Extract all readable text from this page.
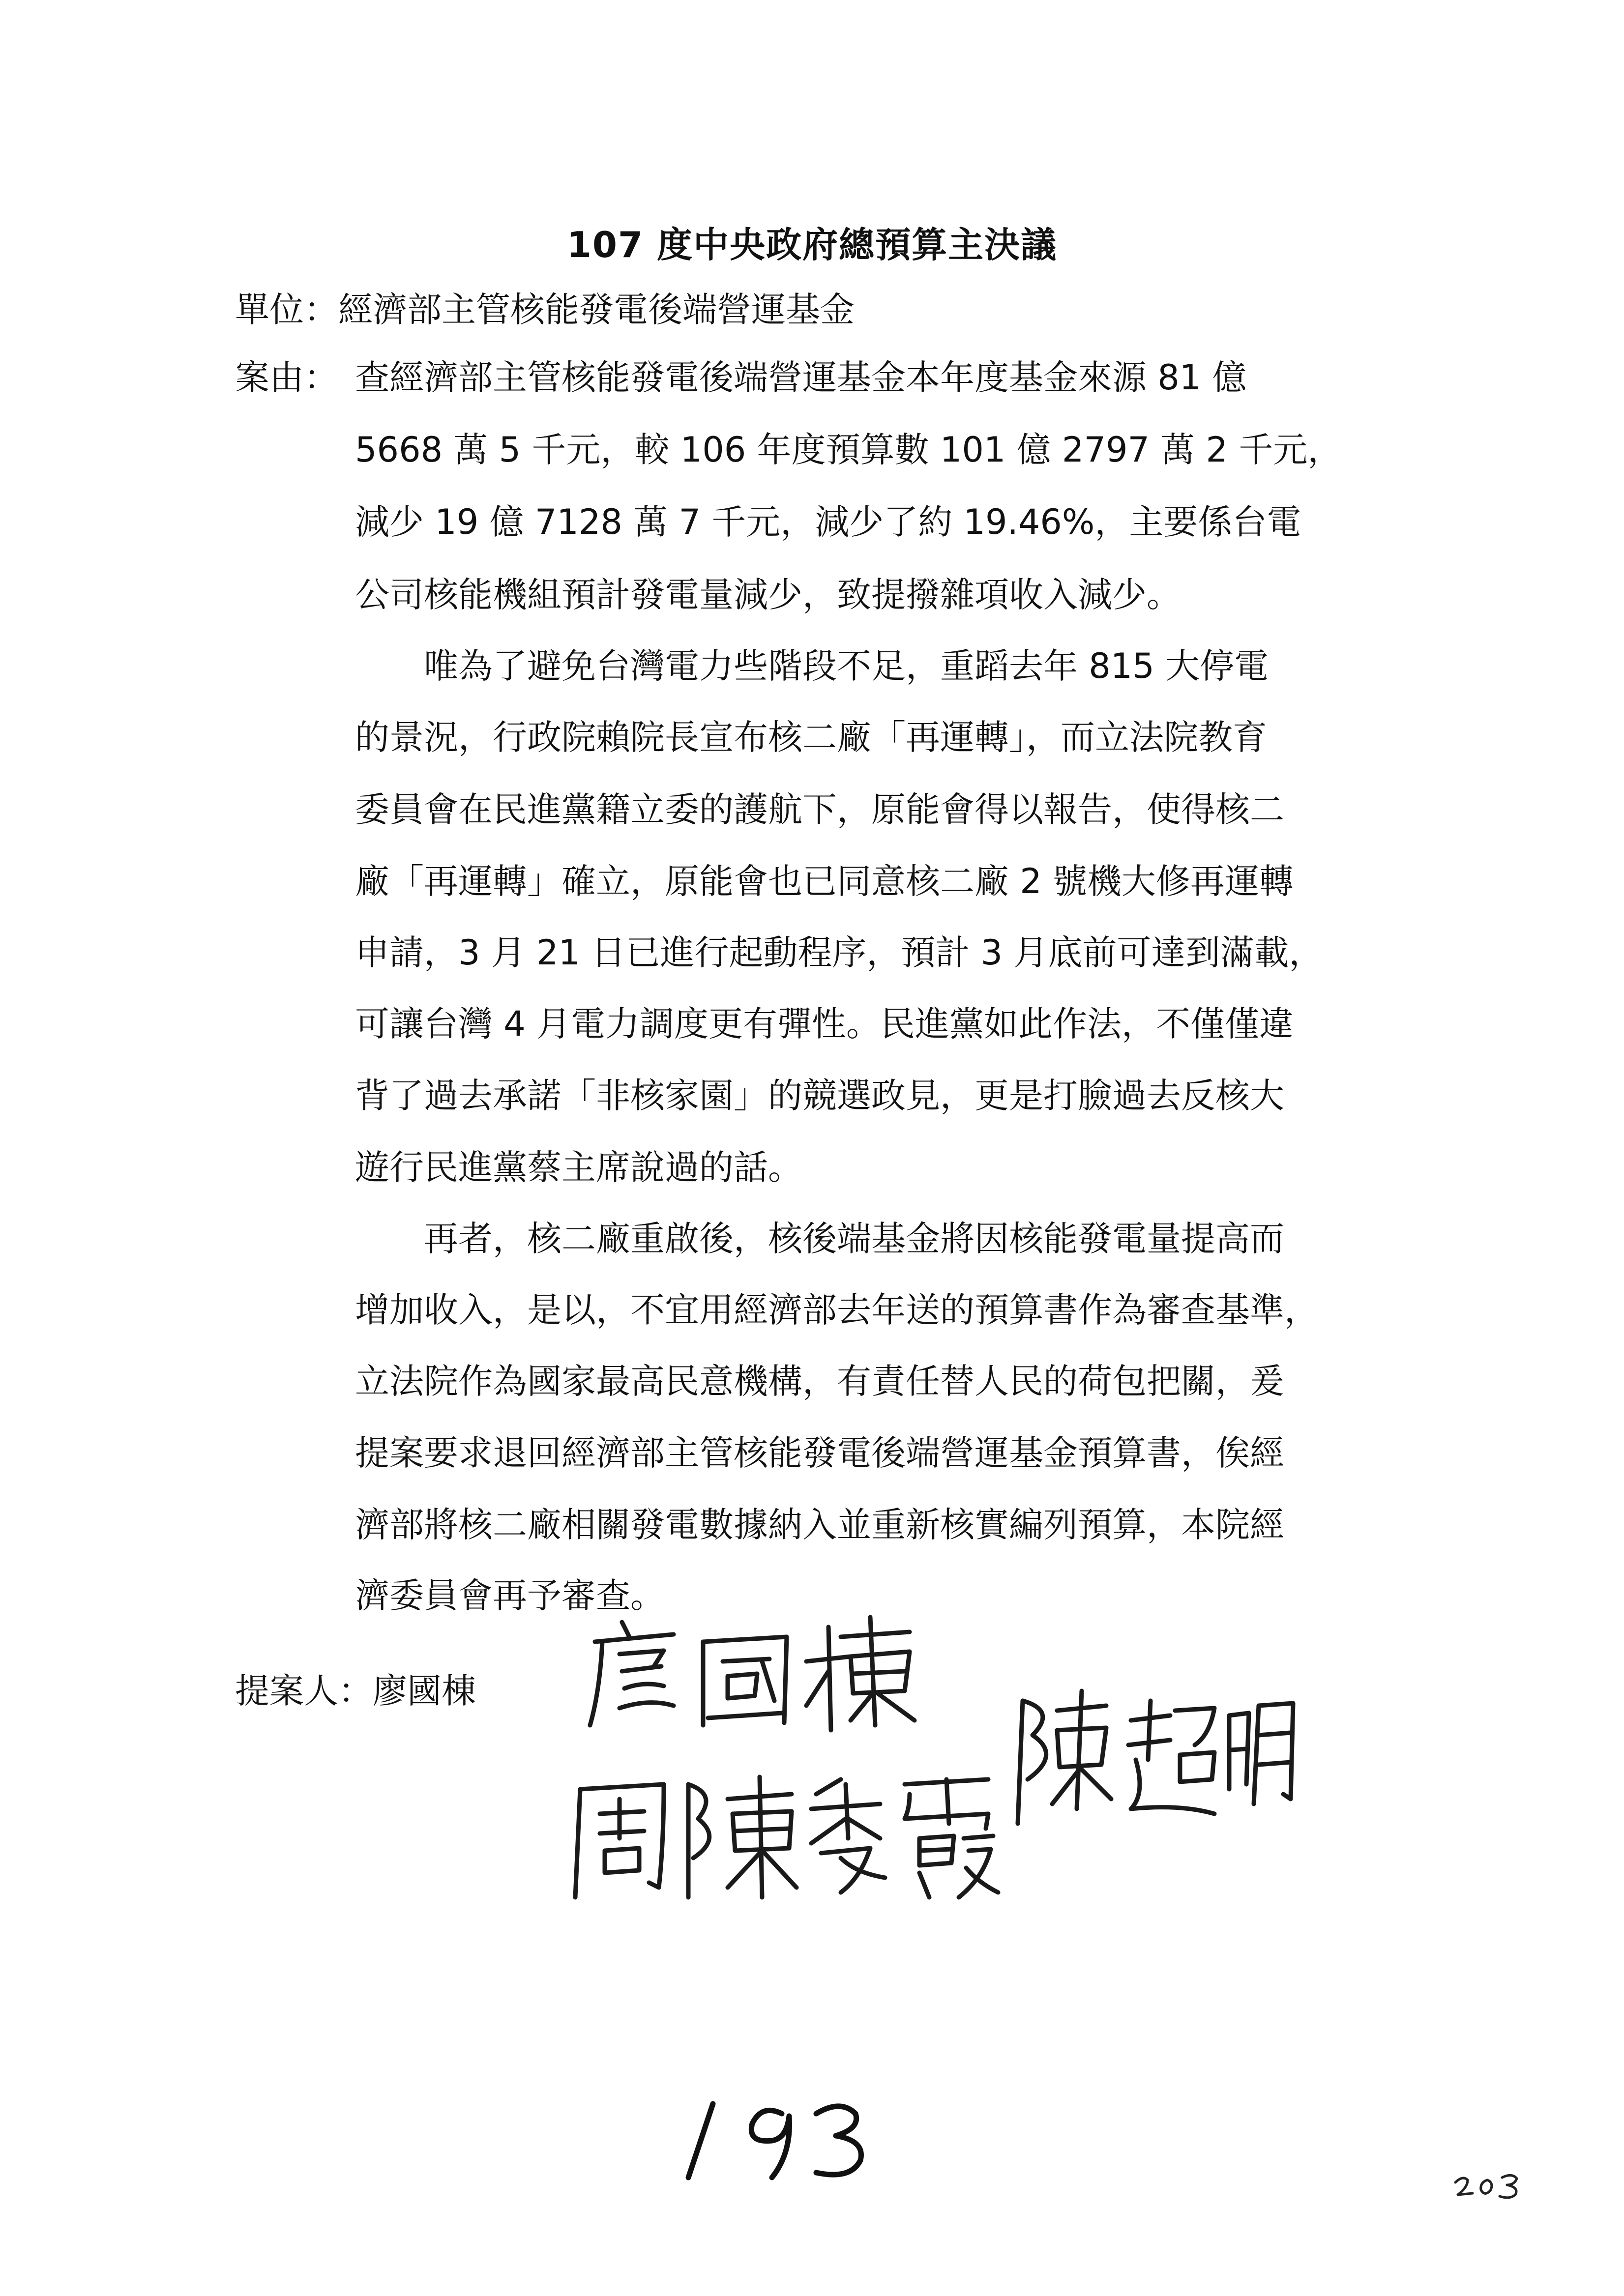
107 度中央政府總預算主決議
單位：經濟部主管核能發電後端營運基金
案由： 查經濟部主管核能發電後端營運基金本年度基金來源 81 億
5668 萬 5 千元，較 106 年度預算數 101 億 2797 萬 2 千元，
減少 19 億 7128 萬 7 千元，減少了約 19.46%，主要係台電
公司核能機組預計發電量減少，致提撥雜項收入減少。
唯為了避免台灣電力些階段不足，重蹈去年 815 大停電
的景況，行政院賴院長宣布核二廠「再運轉」，而立法院教育
委員會在民進黨籍立委的護航下，原能會得以報告，使得核二
廠「再運轉」確立，原能會也已同意核二廠 2 號機大修再運轉
申請，3 月 21 日已進行起動程序，預計 3 月底前可達到滿載，
可讓台灣 4 月電力調度更有彈性。民進黨如此作法，不僅僅違
背了過去承諾「非核家園」的競選政見，更是打臉過去反核大
遊行民進黨蔡主席說過的話。
再者，核二廠重啟後，核後端基金將因核能發電量提高而
增加收入，是以，不宜用經濟部去年送的預算書作為審查基準，
立法院作為國家最高民意機構，有責任替人民的荷包把關，爰
提案要求退回經濟部主管核能發電後端營運基金預算書，俟經
濟部將核二廠相關發電數據納入並重新核實編列預算，本院經
濟委員會再予審查。
提案人：廖國棟
